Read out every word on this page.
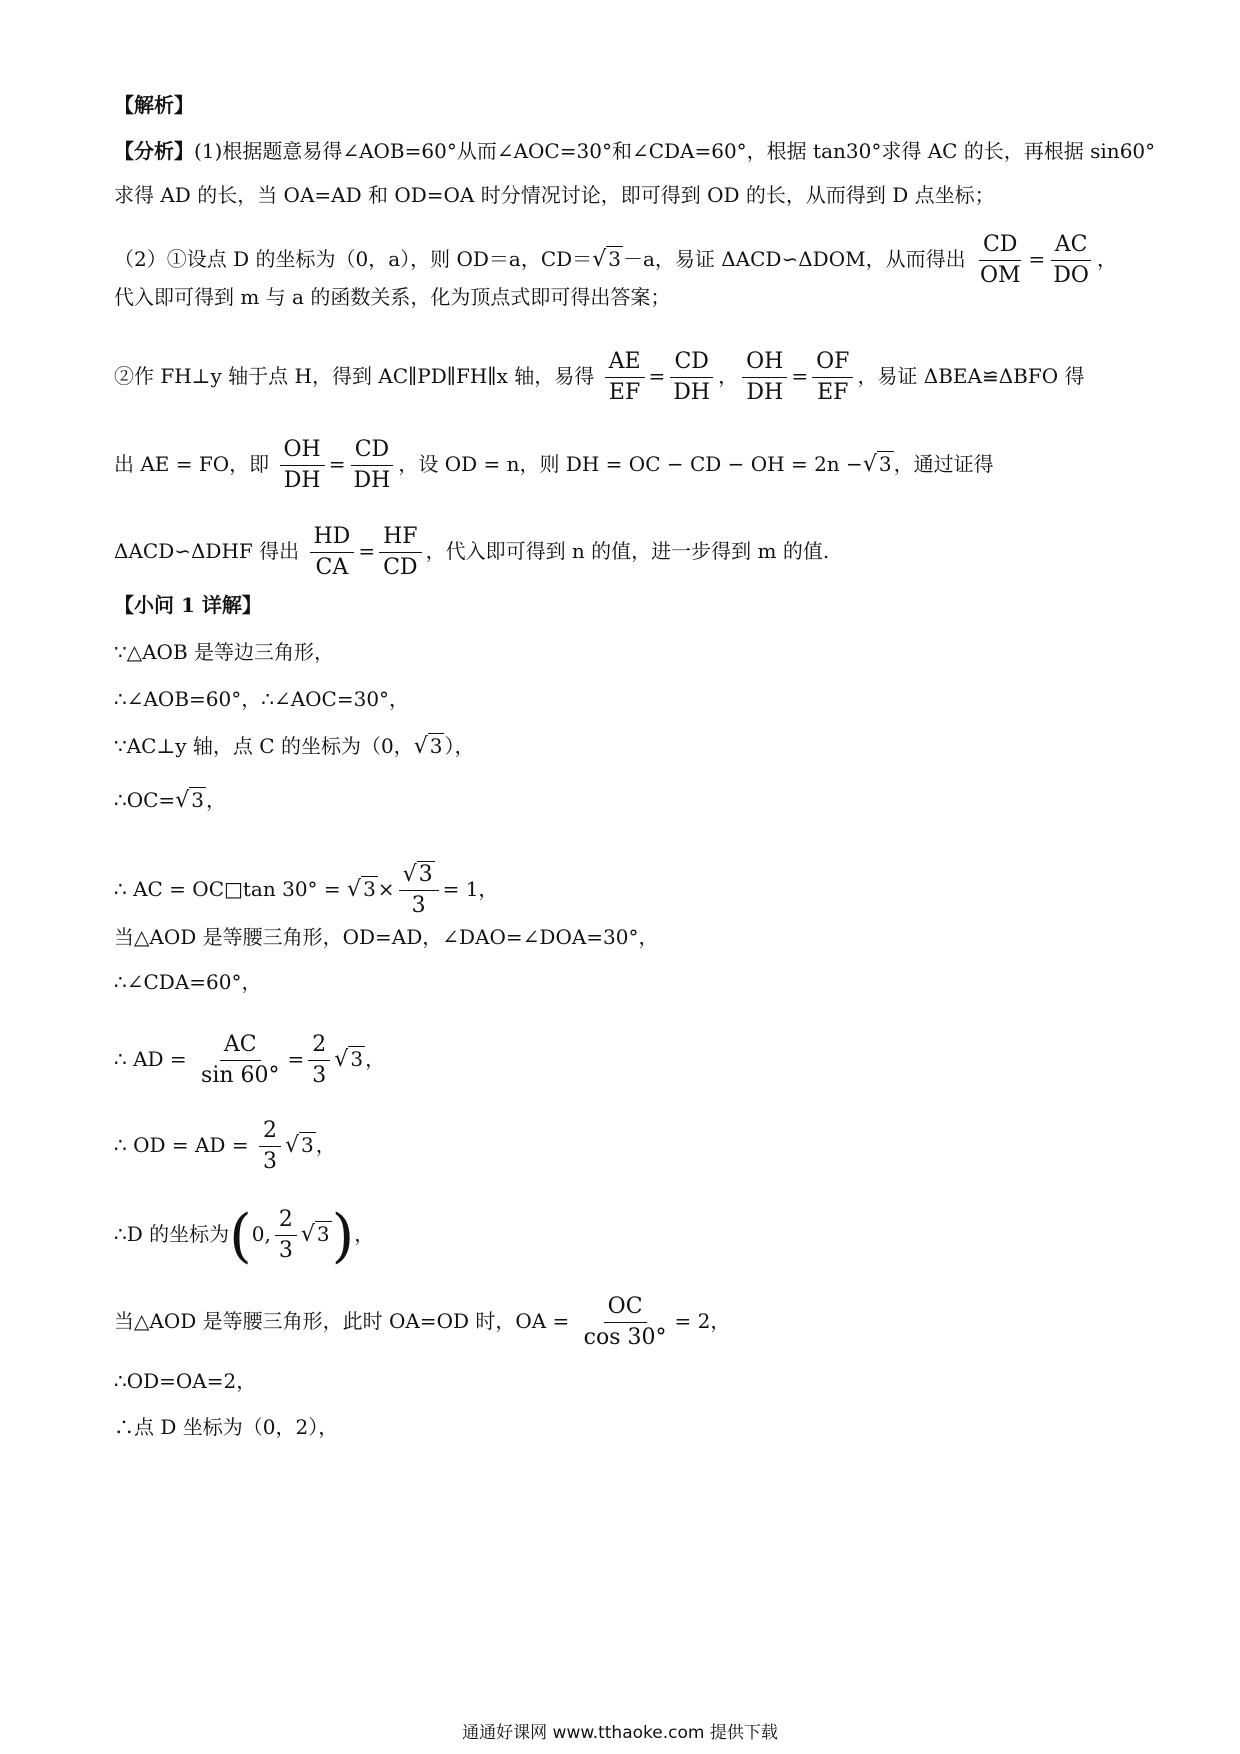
【解析】
【分析】(1)根据题意易得∠AOB=60°从而∠AOC=30°和∠CDA=60°，根据 tan30°求得 AC 的长，再根据 sin60°
求得 AD 的长，当 OA=AD 和 OD=OA 时分情况讨论，即可得到 OD 的长，从而得到 D 点坐标；
（2）①设点 D 的坐标为（0，a），则 OD＝a，CD＝√ 3 －a，易证 ΔACD∽ΔDOM，从而得出 $\frac{CD}{OM} = \frac{AC}{DO}$ ，
代入即可得到 m 与 a 的函数关系，化为顶点式即可得出答案；
②作 FH⊥y 轴于点 H，得到 AC∥PD∥FH∥x 轴，易得 $\frac{AE}{EF} = \frac{CD}{DH}$ ， $\frac{OH}{DH} = \frac{OF}{EF}$ ，易证 ΔBEA≌ΔBFO 得
出 AE = FO，即 $\frac{OH}{DH} = \frac{CD}{DH}$ ，设 OD = n，则 DH = OC − CD − OH = 2n −√ 3 ，通过证得
ΔACD∽ΔDHF 得出 $\frac{HD}{CA} = \frac{HF}{CD}$ ，代入即可得到 n 的值，进一步得到 m 的值.
【小问 1 详解】
∵△AOB 是等边三角形，
∴∠AOB=60°，∴∠AOC=30°，
∵AC⊥y 轴，点 C 的坐标为（0，√ 3 ），
∴OC=√ 3 ，
∴ AC = OC□tan 30° = √ $3 \times \frac{√3}{3} = 1$，
当△AOD 是等腰三角形，OD=AD，∠DAO=∠DOA=30°，
∴∠CDA=60°，
∴ AD = $\frac{AC}{\sin 60^\circ} = \frac{2}{3}$ √ 3 ，
∴ OD = AD = $\frac{2}{3}$ √ 3 ，
∴D 的坐标为(0, $\frac{2}{3}$ √ 3)，
当△AOD 是等腰三角形，此时 OA=OD 时，OA = $\frac{OC}{\cos 30^\circ} = 2$，
∴OD=OA=2，
∴点 D 坐标为（0，2），
通通好课网 www.tthaoke.com 提供下载
